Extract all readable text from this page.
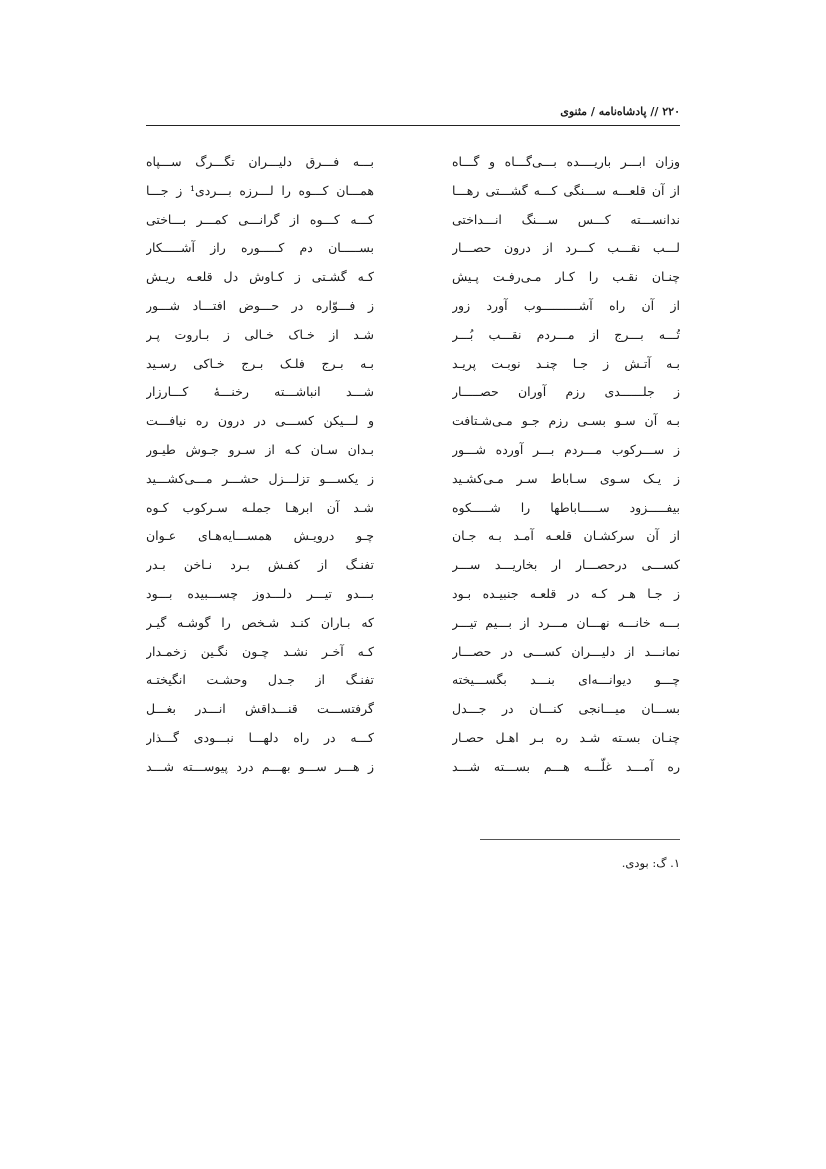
۲۲۰ // پادشاه‌نامه / مثنوی
وزان ابـــر باریــــده بـــی‌گـــاه و گـــاه
بـــه فـــرق دلیـــران تگـــرگ ســـپاه
از آن قلعـــه ســـنگی کـــه گشـــتی رهـــا
همـــان کـــوه را لـــرزه بـــردی¹ ز جـــا
ندانســـته کـــس ســـنگ انـــداختی
کـــه کـــوه از گرانـــی کمـــر بـــاختی
لـــب نقـــب کـــرد از درون حصـــار
بســـــان دم کـــــوره راز آشـــــکار
چنـان نقـب را کـار مـی‌رفـت پـیش
کـه گشـتی ز کـاوش دل قلعـه ریـش
از آن راه آشــــــــــوب آورد زور
ز فـــوّاره در حـــوض افتـــاد شـــور
تُـــه بـــرج از مـــردم نقـــب بُـــر
شـد از خـاک خـالی ز بـاروت پـر
بـه آتـش ز جـا چنـد نوبـت پریـد
بـه بـرج فلـک بـرج خـاکی رسـید
ز جلــــــدی رزم آوران حصـــــار
شـــد انباشـــته رخنـــهٔ کـــارزار
بـه آن سـو بسـی رزم جـو مـی‌شـتافت
و لـــیکن کســـی در درون ره نیافـــت
ز ســـرکوب مـــردم بـــر آورده شـــور
بـدان سـان کـه از سـرو جـوش طیـور
ز یـک سـوی سـاباط سـر مـی‌کشـید
ز یکســـو تزلـــزل حشـــر مـــی‌کشـــید
بیفـــــزود ســـــاباطها را شـــــکوه
شـد آن ابرهـا جملـه سـرکوب کـوه
از آن سرکشـان قلعـه آمـد بـه جـان
چـو درویـش همســـایه‌هـای عـوان
کســـی درحصـــار ار بخاریـــد ســـر
تفنـگ از کفـش بـرد نـاخن بـدر
ز جـا هـر کـه در قلعـه جنبیـده بـود
بـــدو تیـــر دلـــدوز چســـبیده بـــود
بـــه خانـــه نهـــان مـــرد از بـــیم تیـــر
که بـاران کنـد شـخص را گوشـه گیـر
نمانـــد از دلیـــران کســـی در حصـــار
کـه آخـر نشـد چـون نگـین زخمـدار
چـــو دیوانـــه‌ای بنـــد بگســـیخته
تفنـگ از جـدل وحشـت انگیختـه
بســـان میـــانجی کنـــان در جـــدل
گرفتســـت قنـــداقش انـــدر بغـــل
چنـان بسـته شـد ره بـر اهـل حصـار
کـــه در راه دلهـــا نبـــودی گـــذار
ره آمـــد غلّـــه هـــم بســـته شـــد
ز هـــر ســـو بهـــم درد پیوســـته شـــد
۱. گ: بودی.
